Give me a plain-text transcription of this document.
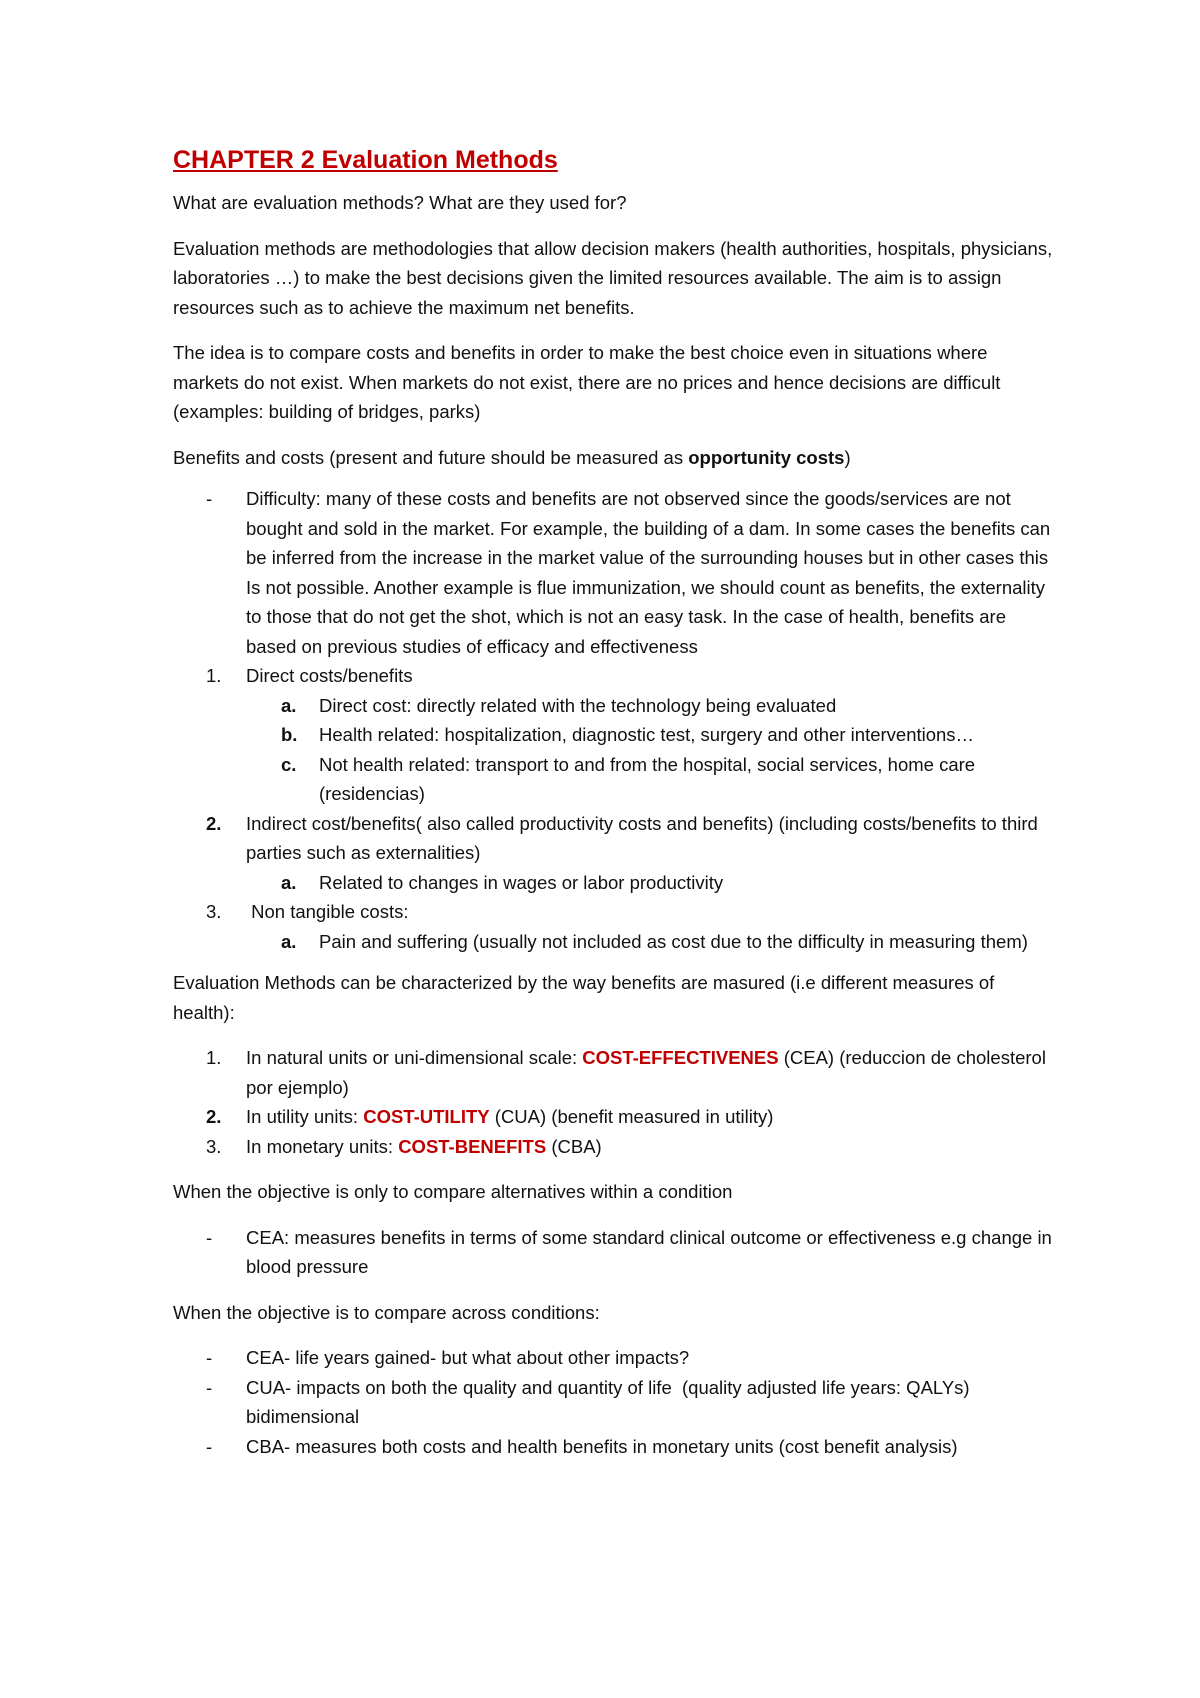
CHAPTER 2 Evaluation Methods

What are evaluation methods? What are they used for?

Evaluation methods are methodologies that allow decision makers (health authorities, hospitals, physicians, laboratories …) to make the best decisions given the limited resources available. The aim is to assign resources such as to achieve the maximum net benefits.

The idea is to compare costs and benefits in order to make the best choice even in situations where markets do not exist. When markets do not exist, there are no prices and hence decisions are difficult (examples: building of bridges, parks)

Benefits and costs (present and future should be measured as opportunity costs)

- Difficulty: many of these costs and benefits are not observed since the goods/services are not bought and sold in the market. For example, the building of a dam. In some cases the benefits can be inferred from the increase in the market value of the surrounding houses but in other cases this Is not possible. Another example is flue immunization, we should count as benefits, the externality to those that do not get the shot, which is not an easy task. In the case of health, benefits are based on previous studies of efficacy and effectiveness
1. Direct costs/benefits
a. Direct cost: directly related with the technology being evaluated
b. Health related: hospitalization, diagnostic test, surgery and other interventions…
c. Not health related: transport to and from the hospital, social services, home care (residencias)
2. Indirect cost/benefits( also called productivity costs and benefits) (including costs/benefits to third parties such as externalities)
a. Related to changes in wages or labor productivity
3. Non tangible costs:
a. Pain and suffering (usually not included as cost due to the difficulty in measuring them)

Evaluation Methods can be characterized by the way benefits are masured (i.e different measures of health):

1. In natural units or uni-dimensional scale: COST-EFFECTIVENES (CEA) (reduccion de cholesterol por ejemplo)
2. In utility units: COST-UTILITY (CUA) (benefit measured in utility)
3. In monetary units: COST-BENEFITS (CBA)

When the objective is only to compare alternatives within a condition

- CEA: measures benefits in terms of some standard clinical outcome or effectiveness e.g change in blood pressure

When the objective is to compare across conditions:

- CEA- life years gained- but what about other impacts?
- CUA- impacts on both the quality and quantity of life  (quality adjusted life years: QALYs) bidimensional
- CBA- measures both costs and health benefits in monetary units (cost benefit analysis)
